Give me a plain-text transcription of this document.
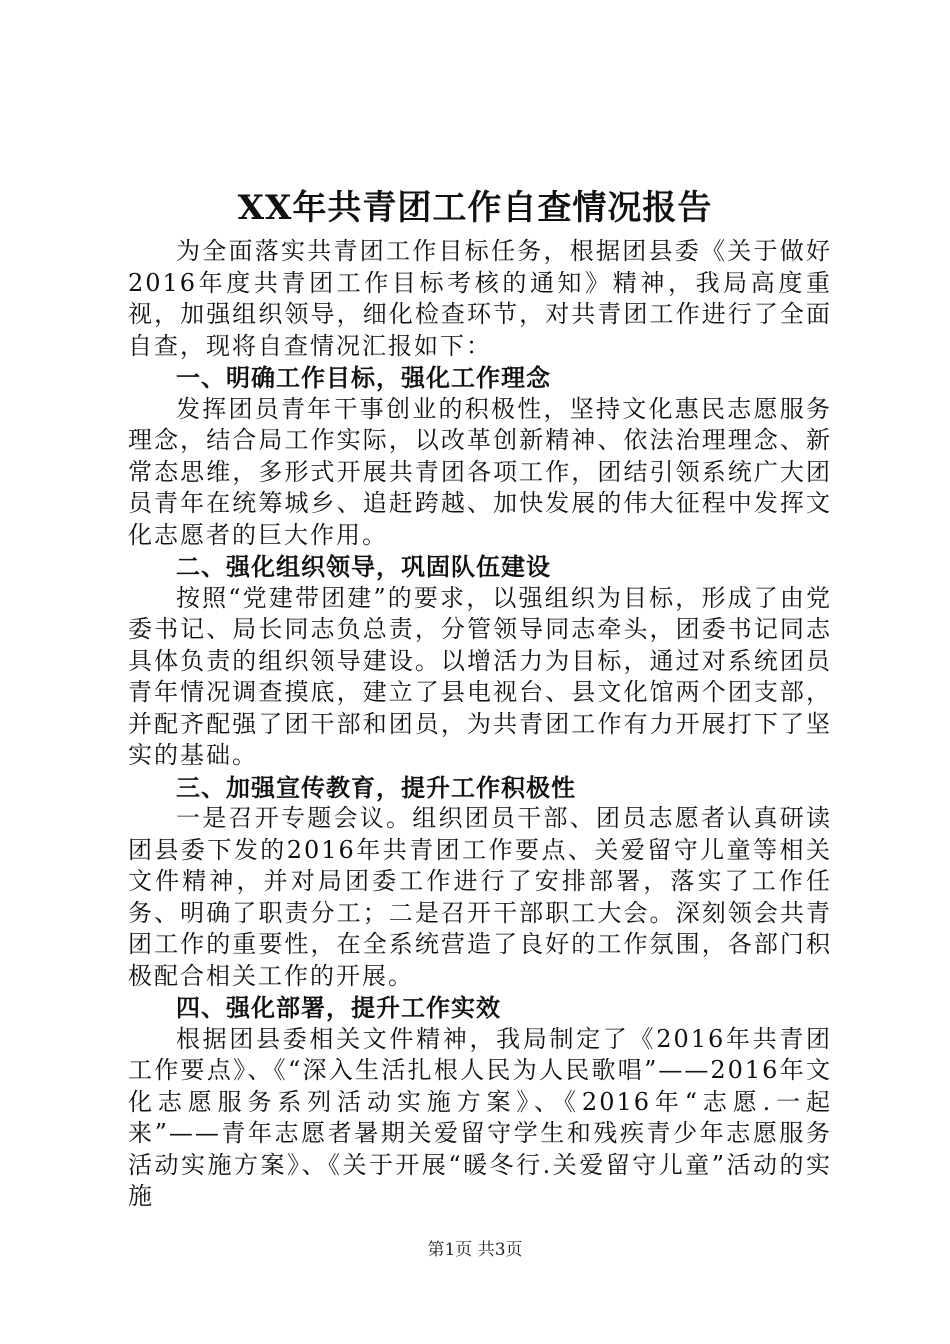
XX年共青团工作自查情况报告

为全面落实共青团工作目标任务，根据团县委《关于做好2016年度共青团工作目标考核的通知》精神，我局高度重视，加强组织领导，细化检查环节，对共青团工作进行了全面自查，现将自查情况汇报如下：

一、明确工作目标，强化工作理念

发挥团员青年干事创业的积极性，坚持文化惠民志愿服务理念，结合局工作实际，以改革创新精神、依法治理理念、新常态思维，多形式开展共青团各项工作，团结引领系统广大团员青年在统筹城乡、追赶跨越、加快发展的伟大征程中发挥文化志愿者的巨大作用。

二、强化组织领导，巩固队伍建设

按照“党建带团建”的要求，以强组织为目标，形成了由党委书记、局长同志负总责，分管领导同志牵头，团委书记同志具体负责的组织领导建设。以增活力为目标，通过对系统团员青年情况调查摸底，建立了县电视台、县文化馆两个团支部，并配齐配强了团干部和团员，为共青团工作有力开展打下了坚实的基础。

三、加强宣传教育，提升工作积极性

一是召开专题会议。组织团员干部、团员志愿者认真研读团县委下发的2016年共青团工作要点、关爱留守儿童等相关文件精神，并对局团委工作进行了安排部署，落实了工作任务、明确了职责分工；二是召开干部职工大会。深刻领会共青团工作的重要性，在全系统营造了良好的工作氛围，各部门积极配合相关工作的开展。

四、强化部署，提升工作实效

根据团县委相关文件精神，我局制定了《2016年共青团工作要点》、《“深入生活扎根人民为人民歌唱”——2016年文化志愿服务系列活动实施方案》、《2016年“志愿.一起来”——青年志愿者暑期关爱留守学生和残疾青少年志愿服务活动实施方案》、《关于开展“暖冬行.关爱留守儿童”活动的实施

第1页 共3页
